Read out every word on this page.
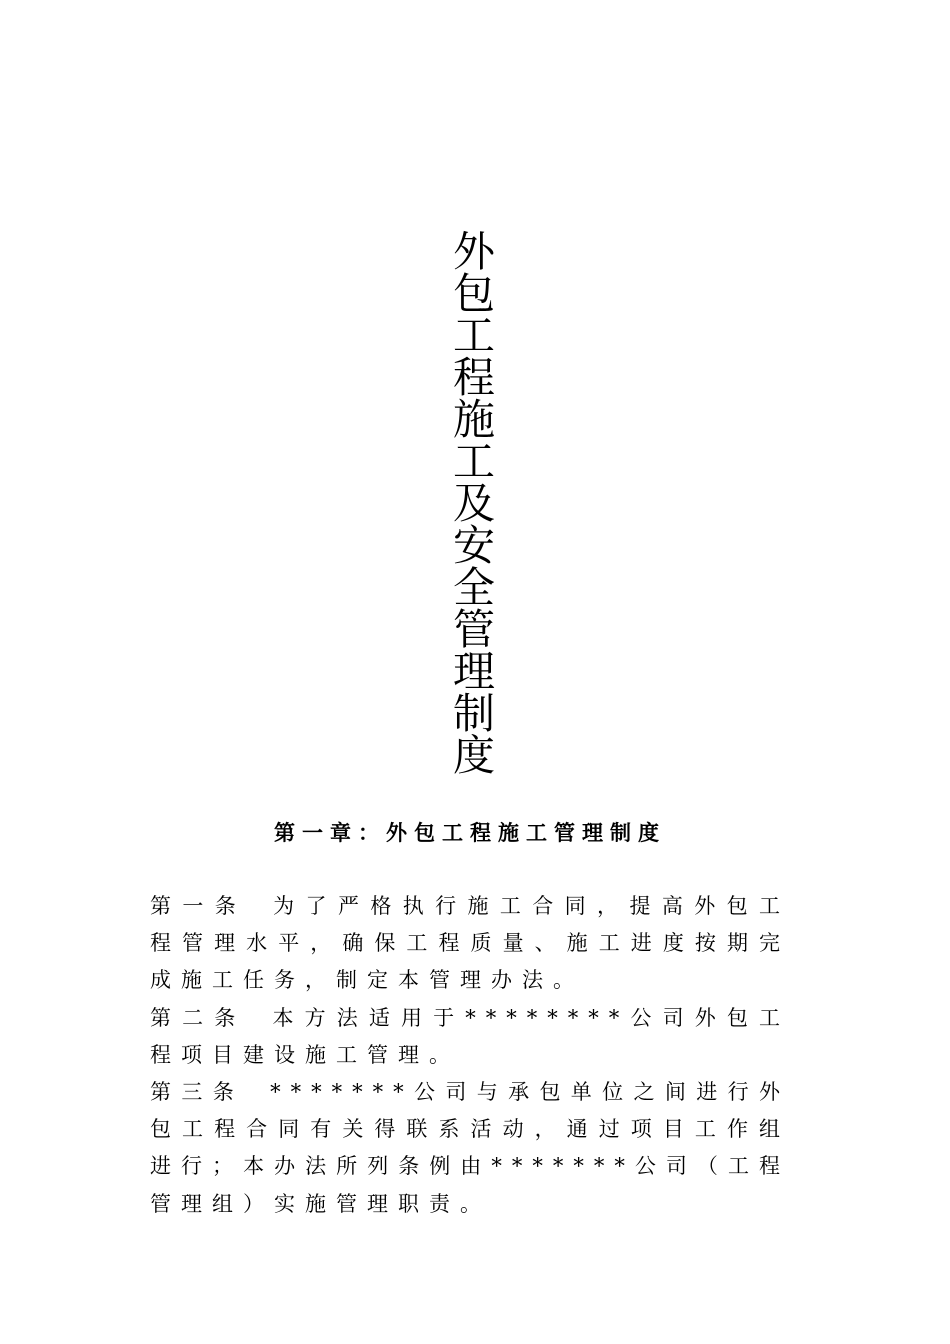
外包工程施工及安全管理制度
第一章：外包工程施工管理制度

第一条 为了严格执行施工合同，提高外包工程管理水平，确保工程质量、施工进度按期完成施工任务，制定本管理办法。

第二条 本方法适用于********公司外包工程项目建设施工管理。

第三条 *******公司与承包单位之间进行外包工程合同有关得联系活动，通过项目工作组进行；本办法所列条例由*******公司（工程管理组）实施管理职责。
